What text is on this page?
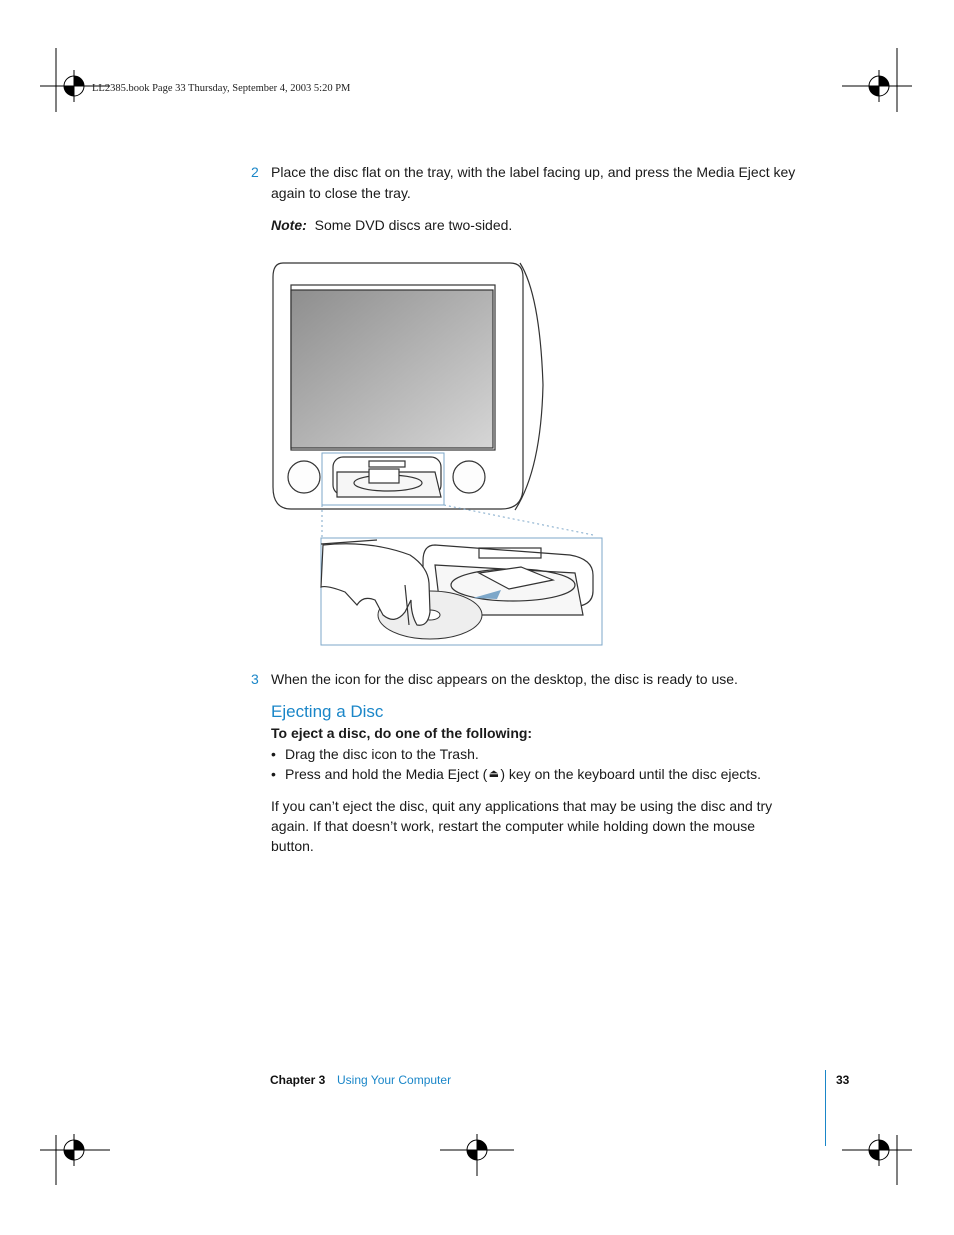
LL2385.book Page 33 Thursday, September 4, 2003 5:20 PM
2 Place the disc flat on the tray, with the label facing up, and press the Media Eject key
again to close the tray.
Note: Some DVD discs are two-sided.
3 When the icon for the disc appears on the desktop, the disc is ready to use.
Ejecting a Disc
To eject a disc, do one of the following:
• Drag the disc icon to the Trash.
• Press and hold the Media Eject ( ⏏ ) key on the keyboard until the disc ejects.
If you can’t eject the disc, quit any applications that may be using the disc and try
again. If that doesn’t work, restart the computer while holding down the mouse
button.
Chapter 3 Using Your Computer	33
